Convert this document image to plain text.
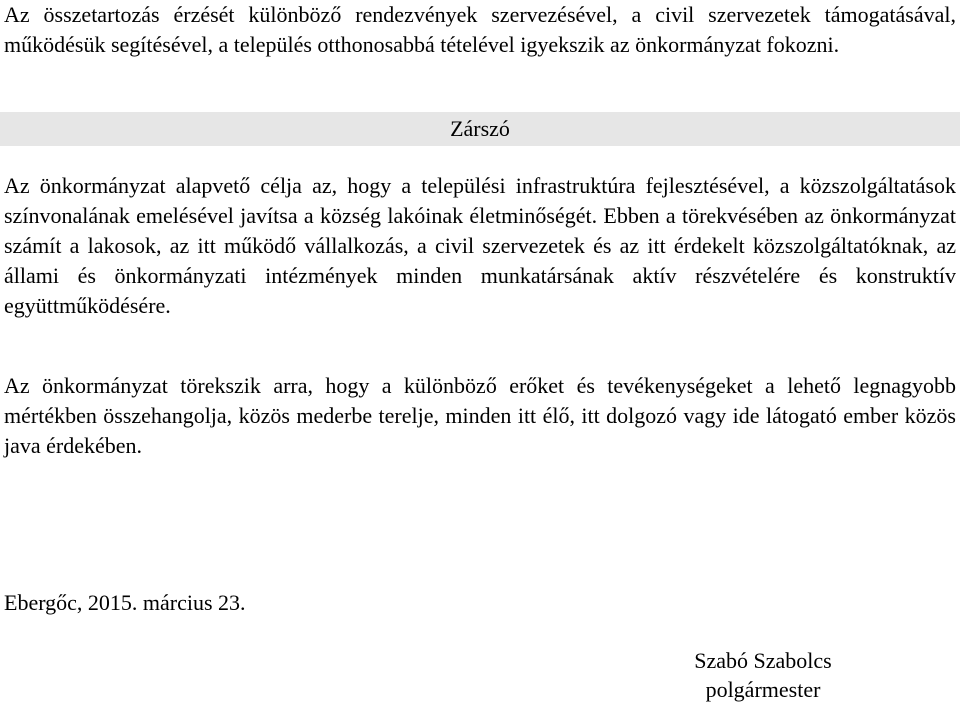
Az összetartozás érzését különböző rendezvények szervezésével, a civil szervezetek támogatásával, működésük segítésével, a település otthonosabbá tételével igyekszik az önkormányzat fokozni.

Zárszó

Az önkormányzat alapvető célja az, hogy a települési infrastruktúra fejlesztésével, a közszolgáltatások színvonalának emelésével javítsa a község lakóinak életminőségét. Ebben a törekvésében az önkormányzat számít a lakosok, az itt működő vállalkozás, a civil szervezetek és az itt érdekelt közszolgáltatóknak, az állami és önkormányzati intézmények minden munkatársának aktív részvételére és konstruktív együttműködésére.

Az önkormányzat törekszik arra, hogy a különböző erőket és tevékenységeket a lehető legnagyobb mértékben összehangolja, közös mederbe terelje, minden itt élő, itt dolgozó vagy ide látogató ember közös java érdekében.

Ebergőc, 2015. március 23.
Szabó Szabolcs
polgármester
